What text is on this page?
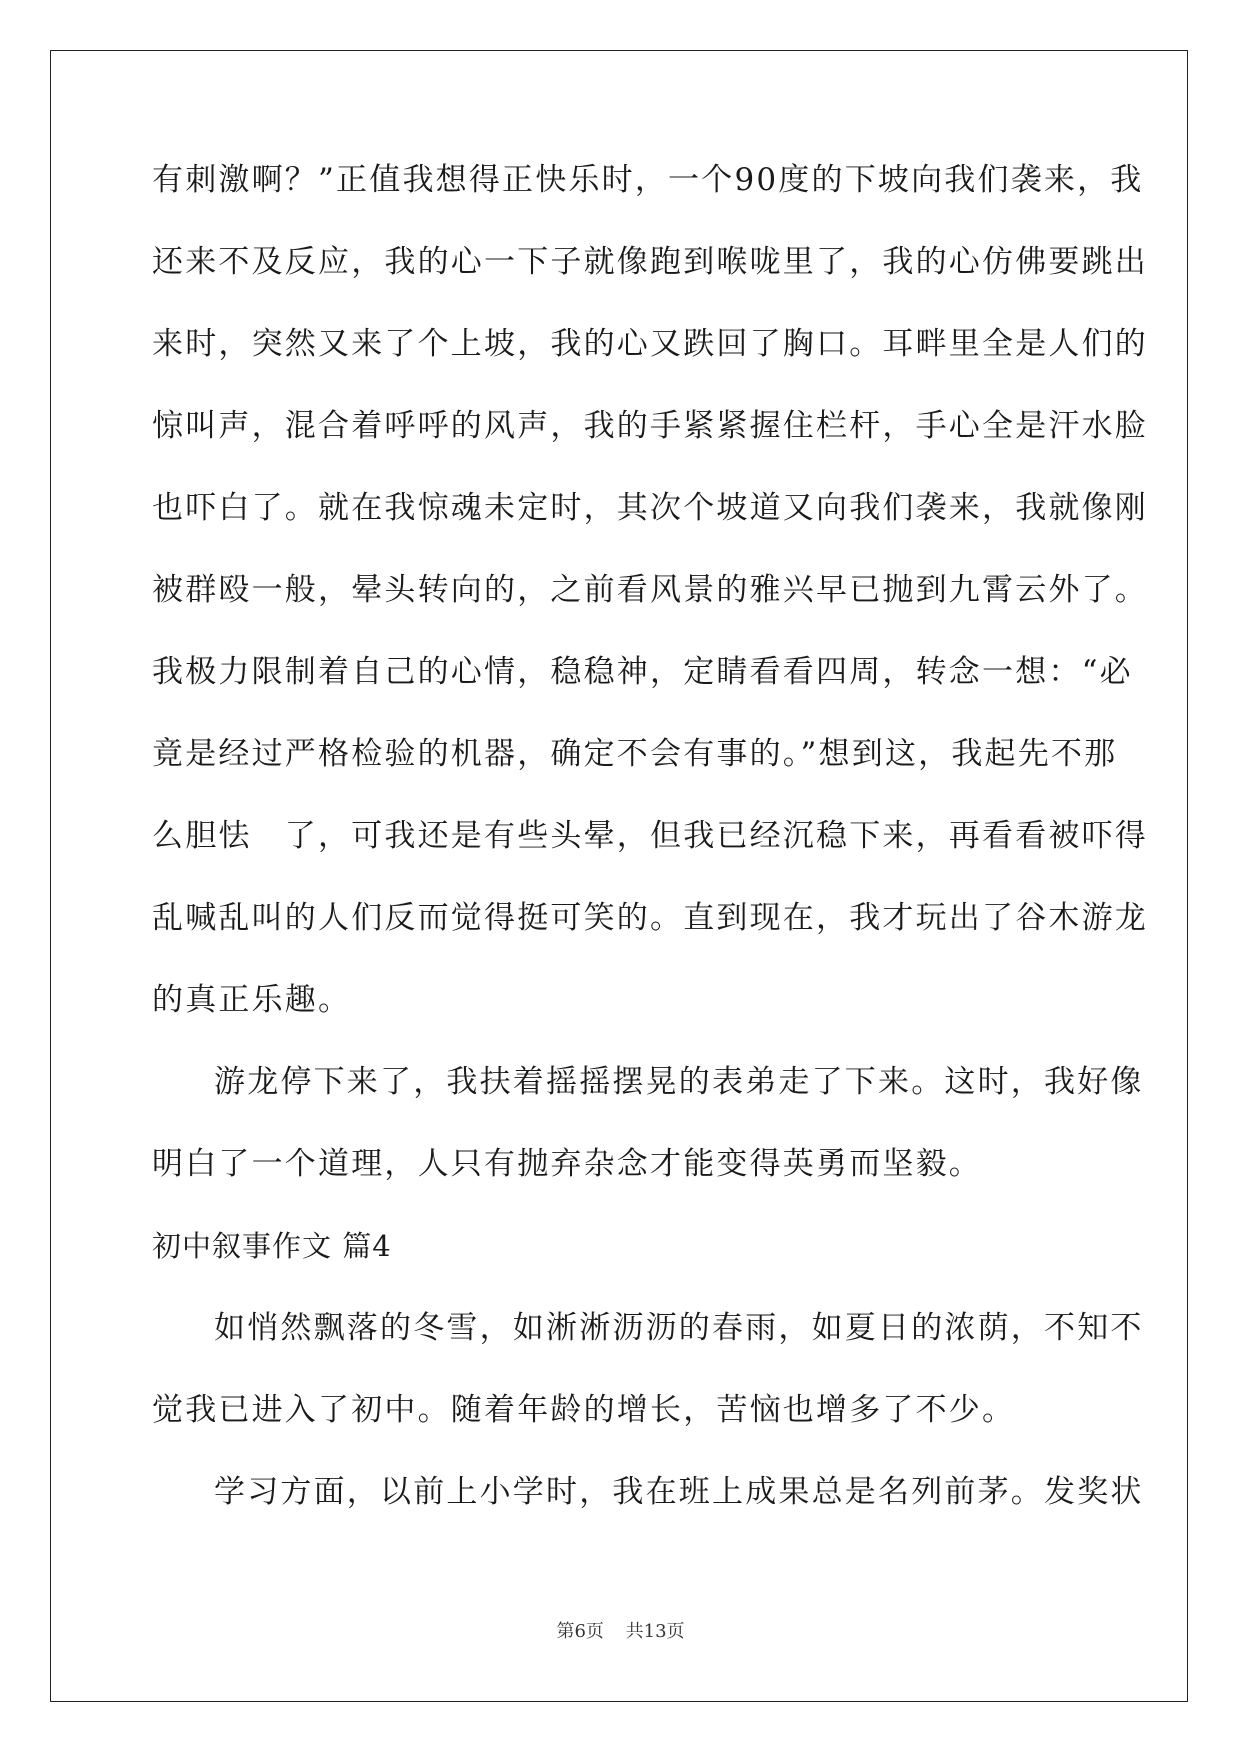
有刺激啊？”正值我想得正快乐时，一个90度的下坡向我们袭来，我
还来不及反应，我的心一下子就像跑到喉咙里了，我的心仿佛要跳出
来时，突然又来了个上坡，我的心又跌回了胸口。耳畔里全是人们的
惊叫声，混合着呼呼的风声，我的手紧紧握住栏杆，手心全是汗水脸
也吓白了。就在我惊魂未定时，其次个坡道又向我们袭来，我就像刚
被群殴一般，晕头转向的，之前看风景的雅兴早已抛到九霄云外了。
我极力限制着自己的心情，稳稳神，定睛看看四周，转念一想：“必
竟是经过严格检验的机器，确定不会有事的。”想到这，我起先不那
么胆怯　了，可我还是有些头晕，但我已经沉稳下来，再看看被吓得
乱喊乱叫的人们反而觉得挺可笑的。直到现在，我才玩出了谷木游龙
的真正乐趣。
游龙停下来了，我扶着摇摇摆晃的表弟走了下来。这时，我好像
明白了一个道理，人只有抛弃杂念才能变得英勇而坚毅。
初中叙事作文 篇4
如悄然飘落的冬雪，如淅淅沥沥的春雨，如夏日的浓荫，不知不
觉我已进入了初中。随着年龄的增长，苦恼也增多了不少。
学习方面，以前上小学时，我在班上成果总是名列前茅。发奖状
第6页 共13页
